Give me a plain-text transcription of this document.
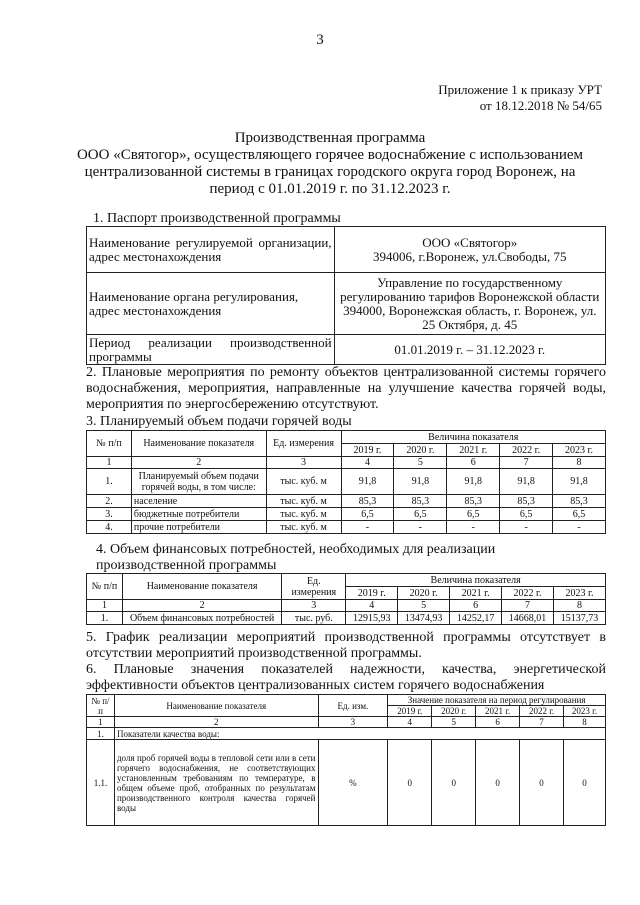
3
Приложение 1 к приказу УРТ
от 18.12.2018 № 54/65
Производственная программа
ООО «Святогор», осуществляющего горячее водоснабжение с использованием
централизованной системы в границах городского округа город Воронеж, на
период с 01.01.2019 г. по 31.12.2023 г.
1. Паспорт производственной программы
Наименование регулируемой организации, адрес местонахождения	ООО «Святогор»
394006, г.Воронеж, ул.Свободы, 75

Наименование органа регулирования, адрес местонахождения	Управление по государственному регулированию тарифов Воронежской области 394000, Воронежская область, г. Воронеж, ул. 25 Октября, д. 45
Период реализации производственной программы	01.01.2019 г. – 31.12.2023 г.
2. Плановые мероприятия по ремонту объектов централизованной системы горячего водоснабжения, мероприятия, направленные на улучшение качества горячей воды, мероприятия по энергосбережению отсутствуют.
3. Планируемый объем подачи горячей воды
№ п/п	Наименование показателя	Ед. измерения	Величина показателя				
			2019 г.	2020 г.	2021 г.	2022 г.	2023 г.
1	2	3	4	5	6	7	8
1.	Планируемый объем подачи горячей воды, в том числе:	тыс. куб. м	91,8	91,8	91,8	91,8	91,8
2.	население	тыс. куб. м	85,3	85,3	85,3	85,3	85,3
3.	бюджетные потребители	тыс. куб. м	6,5	6,5	6,5	6,5	6,5
4.	прочие потребители	тыс. куб. м	-	-	-	-	-
4. Объем финансовых потребностей, необходимых для реализации производственной программы
№ п/п	Наименование показателя	Ед. измерения	Величина показателя				
			2019 г.	2020 г.	2021 г.	2022 г.	2023 г.
1	2	3	4	5	6	7	8
1.	Объем финансовых потребностей	тыс. руб.	12915,93	13474,93	14252,17	14668,01	15137,73
5. График реализации мероприятий производственной программы отсутствует в отсутствии мероприятий производственной программы.
6. Плановые значения показателей надежности, качества, энергетической эффективности объектов централизованных систем горячего водоснабжения
№ п/п	Наименование показателя	Ед. изм.	Значение показателя на период регулирования				
			2019 г.	2020 г.	2021 г.	2022 г.	2023 г.
1	2	3	4	5	6	7	8
1.	Показатели качества воды:						
1.1.	доля проб горячей воды в тепловой сети или в сети горячего водоснабжения, не соответствующих установленным требованиям по температуре, в общем объеме проб, отобранных по результатам производственного контроля качества горячей воды	%	0	0	0	0	0
